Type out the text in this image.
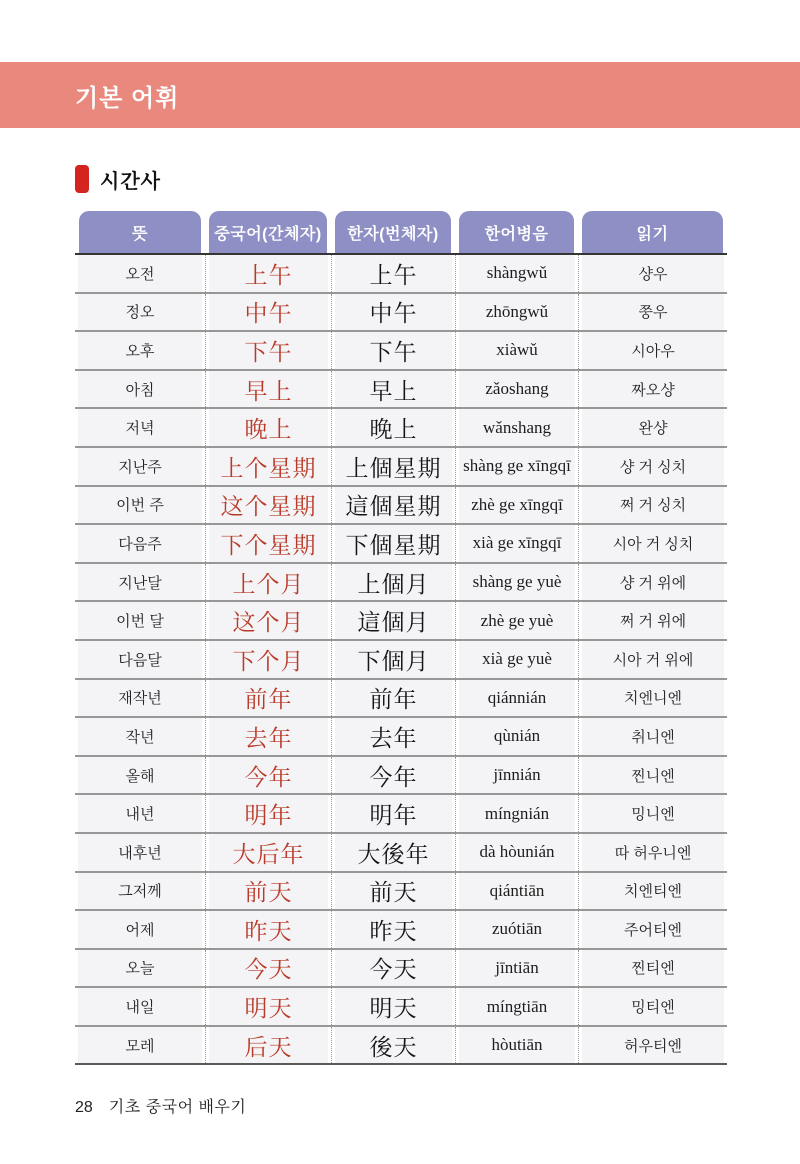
기본 어휘
시간사
뜻	중국어(간체자)	한자(번체자)	한어병음	읽기
오전	上午	上午	shàngwǔ	샹우
정오	中午	中午	zhōngwǔ	쭝우
오후	下午	下午	xiàwǔ	시아우
아침	早上	早上	zǎoshang	짜오샹
저녁	晚上	晚上	wǎnshang	완샹
지난주	上个星期	上個星期	shàng ge xīngqī	샹 거 싱치
이번 주	这个星期	這個星期	zhè ge xīngqī	쩌 거 싱치
다음주	下个星期	下個星期	xià ge xīngqī	시아 거 싱치
지난달	上个月	上個月	shàng ge yuè	샹 거 위에
이번 달	这个月	這個月	zhè ge yuè	쩌 거 위에
다음달	下个月	下個月	xià ge yuè	시아 거 위에
재작년	前年	前年	qiánnián	치엔니엔
작년	去年	去年	qùnián	취니엔
올해	今年	今年	jīnnián	찐니엔
내년	明年	明年	míngnián	밍니엔
내후년	大后年	大後年	dà hòunián	따 허우니엔
그저께	前天	前天	qiántiān	치엔티엔
어제	昨天	昨天	zuótiān	주어티엔
오늘	今天	今天	jīntiān	찐티엔
내일	明天	明天	míngtiān	밍티엔
모레	后天	後天	hòutiān	허우티엔
28 기초 중국어 배우기
